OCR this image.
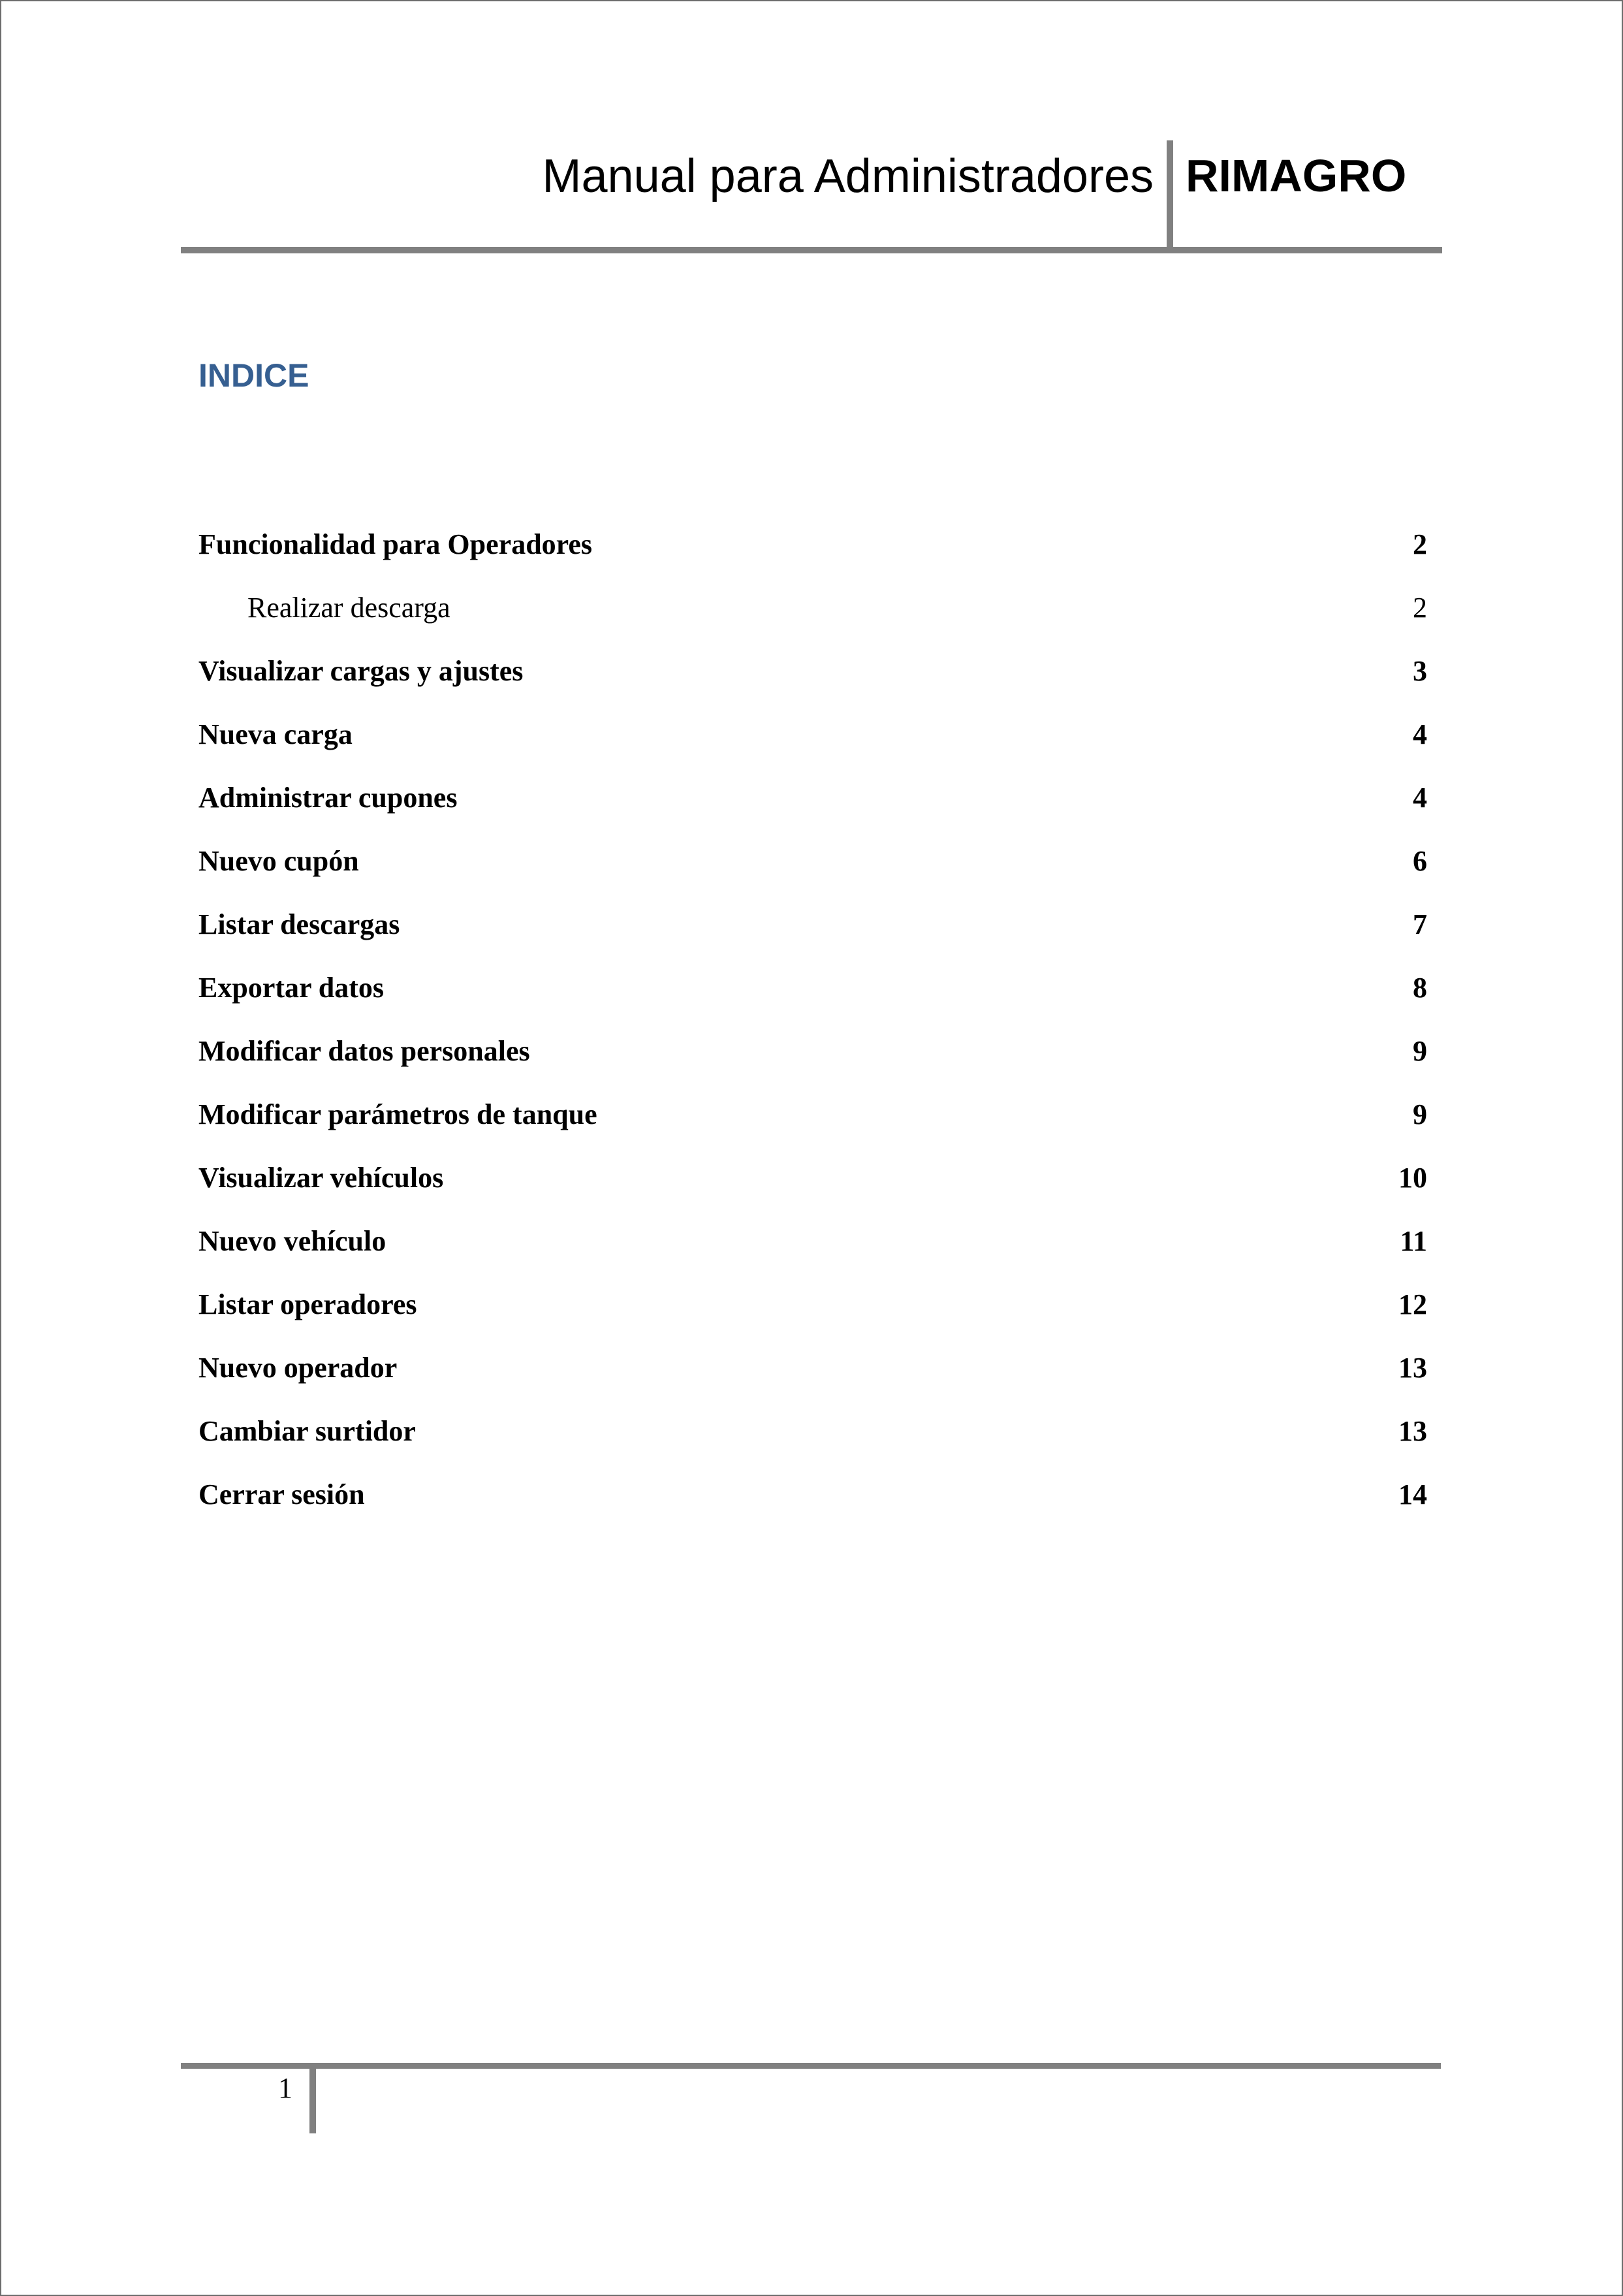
Manual para Administradores RIMAGRO
INDICE
Funcionalidad para Operadores	2
Realizar descarga	2
Visualizar cargas y ajustes	3
Nueva carga	4
Administrar cupones	4
Nuevo cupón	6
Listar descargas	7
Exportar datos	8
Modificar datos personales	9
Modificar parámetros de tanque	9
Visualizar vehículos	10
Nuevo vehículo	11
Listar operadores	12
Nuevo operador	13
Cambiar surtidor	13
Cerrar sesión	14
1
